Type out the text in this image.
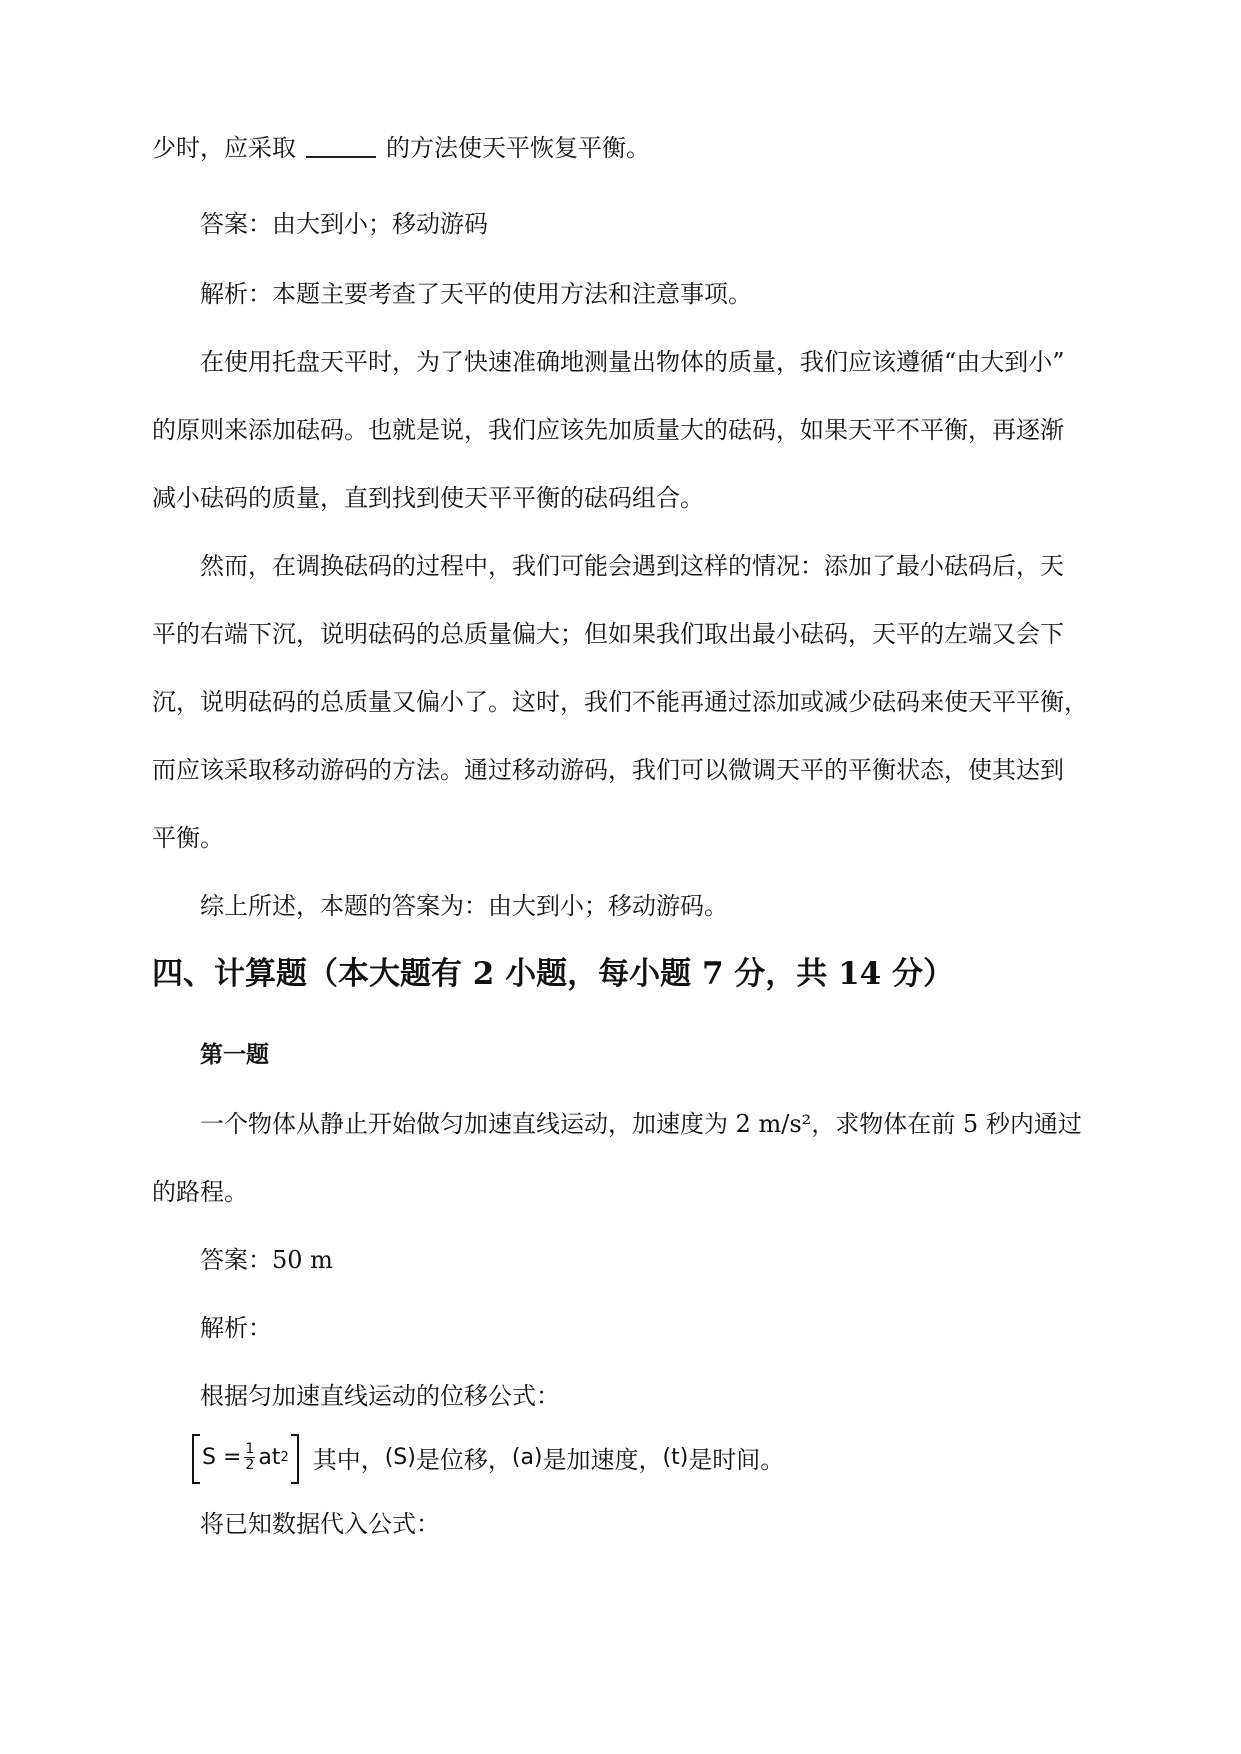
少时，应采取	的方法使天平恢复平衡。
答案：由大到小；移动游码
解析：本题主要考查了天平的使用方法和注意事项。
在使用托盘天平时，为了快速准确地测量出物体的质量，我们应该遵循“由大到小”
的原则来添加砝码。也就是说，我们应该先加质量大的砝码，如果天平不平衡，再逐渐
减小砝码的质量，直到找到使天平平衡的砝码组合。
然而，在调换砝码的过程中，我们可能会遇到这样的情况：添加了最小砝码后，天
平的右端下沉，说明砝码的总质量偏大；但如果我们取出最小砝码，天平的左端又会下
沉，说明砝码的总质量又偏小了。这时，我们不能再通过添加或减少砝码来使天平平衡，
而应该采取移动游码的方法。通过移动游码，我们可以微调天平的平衡状态，使其达到
平衡。
综上所述，本题的答案为：由大到小；移动游码。
四、计算题（本大题有 2 小题，每小题 7 分，共 14 分）
第一题
一个物体从静止开始做匀加速直线运动，加速度为 2 m/s²，求物体在前 5 秒内通过
的路程。
答案：50 m
解析：
根据匀加速直线运动的位移公式：
$S = \frac{1}{2}$ at 2 其中， (S) 是位移， (a) 是加速度， (t) 是时间。
将已知数据代入公式：
